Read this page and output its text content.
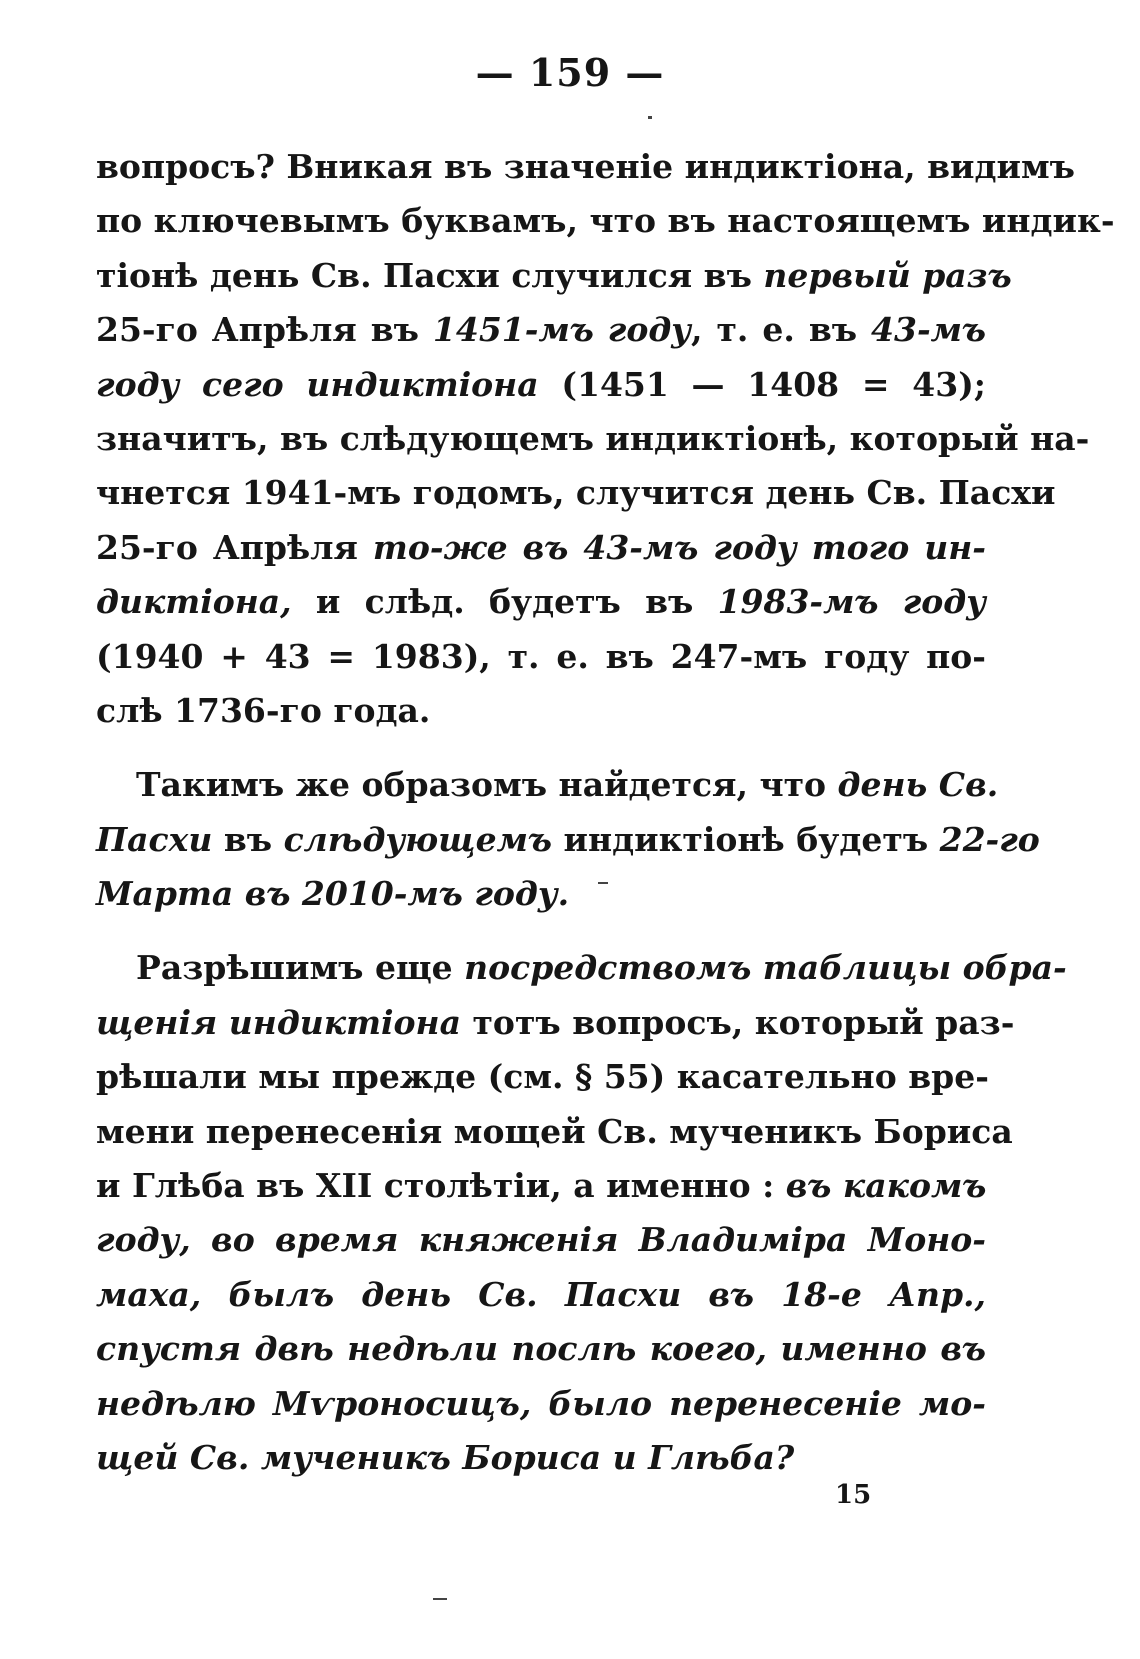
— 159 —
вопросъ? Вникая въ значеніе индиктіона, видимъ
по ключевымъ буквамъ, что въ настоящемъ индик-
тіонѣ день Св. Пасхи случился въ первый разъ
25-го Апрѣля въ 1451-мъ году, т. е. въ 43-мъ
году сего индиктіона (1451 — 1408 = 43);
значитъ, въ слѣдующемъ индиктіонѣ, который на-
чнется 1941-мъ годомъ, случится день Св. Пасхи
25-го Апрѣля то-же въ 43-мъ году того ин-
диктіона, и слѣд. будетъ въ 1983-мъ году
(1940 + 43 = 1983), т. е. въ 247-мъ году по-
слѣ 1736-го года.
Такимъ же образомъ найдется, что день Св.
Пасхи въ слѣдующемъ индиктіонѣ будетъ 22-го
Марта въ 2010-мъ году.
Разрѣшимъ еще посредствомъ таблицы обра-
щенія индиктіона тотъ вопросъ, который раз-
рѣшали мы прежде (см. § 55) касательно вре-
мени перенесенія мощей Св. мученикъ Бориса
и Глѣба въ XII столѣтіи, а именно : въ какомъ
году, во время княженія Владиміра Моно-
маха, былъ день Св. Пасхи въ 18-е Апр.,
спустя двѣ недѣли послѣ коего, именно въ
недѣлю Мѵроносицъ, было перенесеніе мо-
щей Св. мученикъ Бориса и Глѣба?
15
